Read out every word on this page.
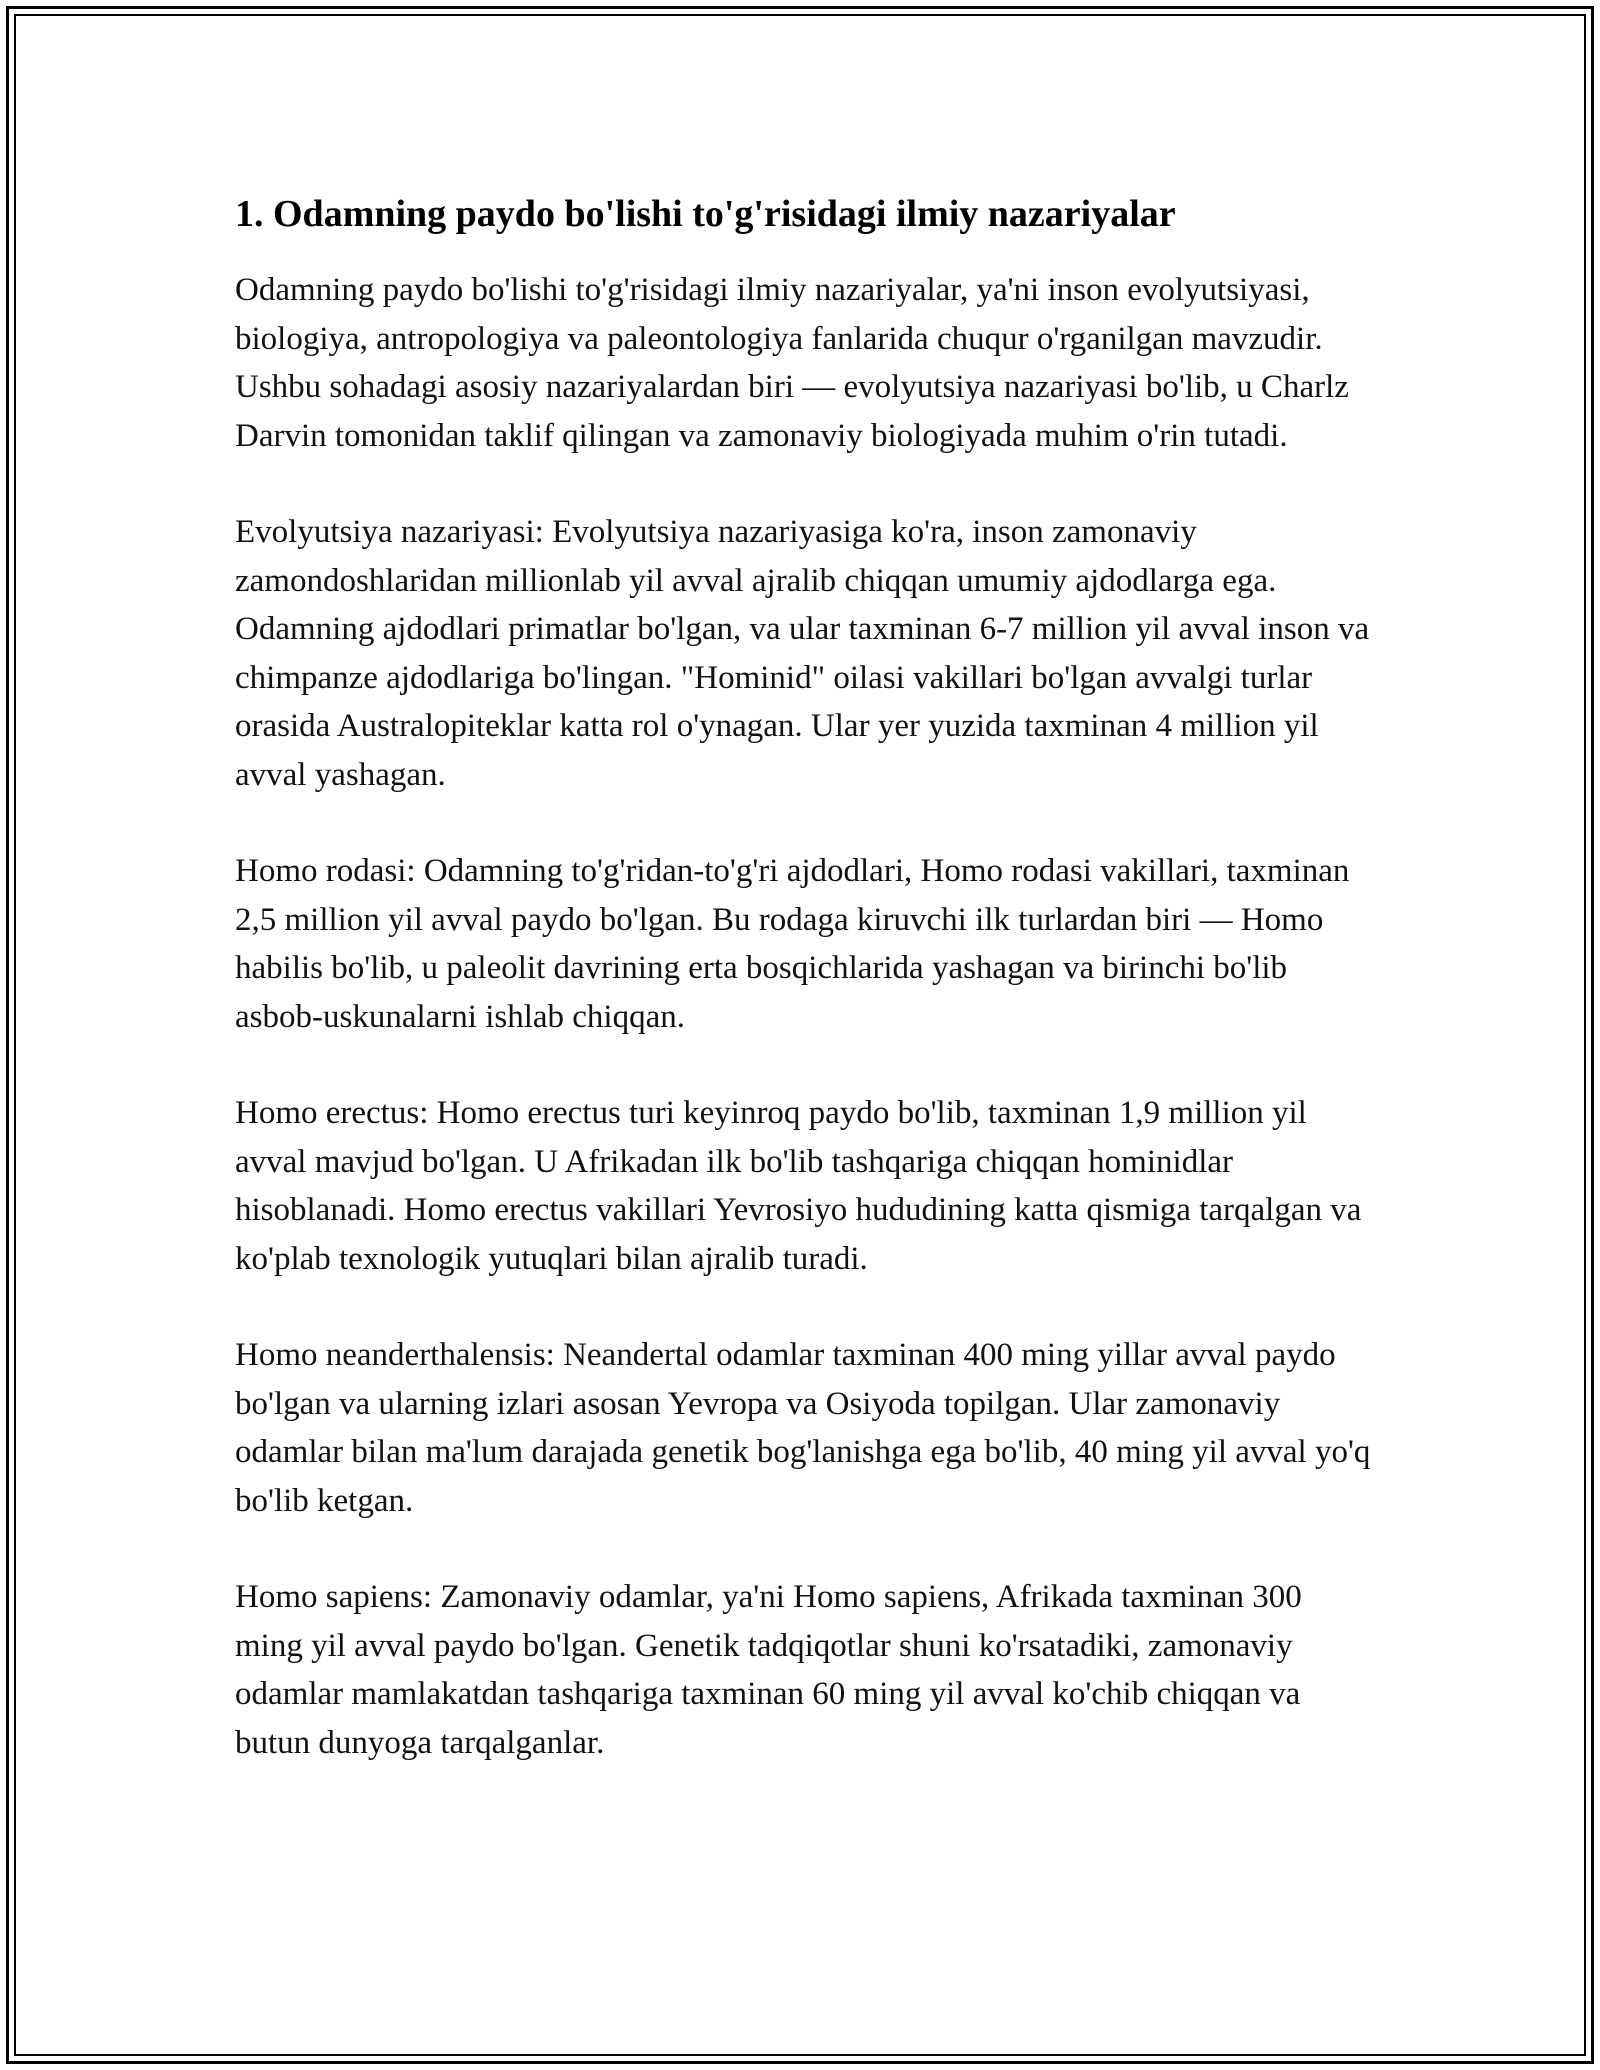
1. Odamning paydo bo'lishi to'g'risidagi ilmiy nazariyalar

Odamning paydo bo'lishi to'g'risidagi ilmiy nazariyalar, ya'ni inson evolyutsiyasi, biologiya, antropologiya va paleontologiya fanlarida chuqur o'rganilgan mavzudir. Ushbu sohadagi asosiy nazariyalardan biri — evolyutsiya nazariyasi bo'lib, u Charlz Darvin tomonidan taklif qilingan va zamonaviy biologiyada muhim o'rin tutadi.

Evolyutsiya nazariyasi: Evolyutsiya nazariyasiga ko'ra, inson zamonaviy zamondoshlaridan millionlab yil avval ajralib chiqqan umumiy ajdodlarga ega. Odamning ajdodlari primatlar bo'lgan, va ular taxminan 6-7 million yil avval inson va chimpanze ajdodlariga bo'lingan. "Hominid" oilasi vakillari bo'lgan avvalgi turlar orasida Australopiteklar katta rol o'ynagan. Ular yer yuzida taxminan 4 million yil avval yashagan.

Homo rodasi: Odamning to'g'ridan-to'g'ri ajdodlari, Homo rodasi vakillari, taxminan 2,5 million yil avval paydo bo'lgan. Bu rodaga kiruvchi ilk turlardan biri — Homo habilis bo'lib, u paleolit davrining erta bosqichlarida yashagan va birinchi bo'lib asbob-uskunalarni ishlab chiqqan.

Homo erectus: Homo erectus turi keyinroq paydo bo'lib, taxminan 1,9 million yil avval mavjud bo'lgan. U Afrikadan ilk bo'lib tashqariga chiqqan hominidlar hisoblanadi. Homo erectus vakillari Yevrosiyo hududining katta qismiga tarqalgan va ko'plab texnologik yutuqlari bilan ajralib turadi.

Homo neanderthalensis: Neandertal odamlar taxminan 400 ming yillar avval paydo bo'lgan va ularning izlari asosan Yevropa va Osiyoda topilgan. Ular zamonaviy odamlar bilan ma'lum darajada genetik bog'lanishga ega bo'lib, 40 ming yil avval yo'q bo'lib ketgan.

Homo sapiens: Zamonaviy odamlar, ya'ni Homo sapiens, Afrikada taxminan 300 ming yil avval paydo bo'lgan. Genetik tadqiqotlar shuni ko'rsatadiki, zamonaviy odamlar mamlakatdan tashqariga taxminan 60 ming yil avval ko'chib chiqqan va butun dunyoga tarqalganlar.
